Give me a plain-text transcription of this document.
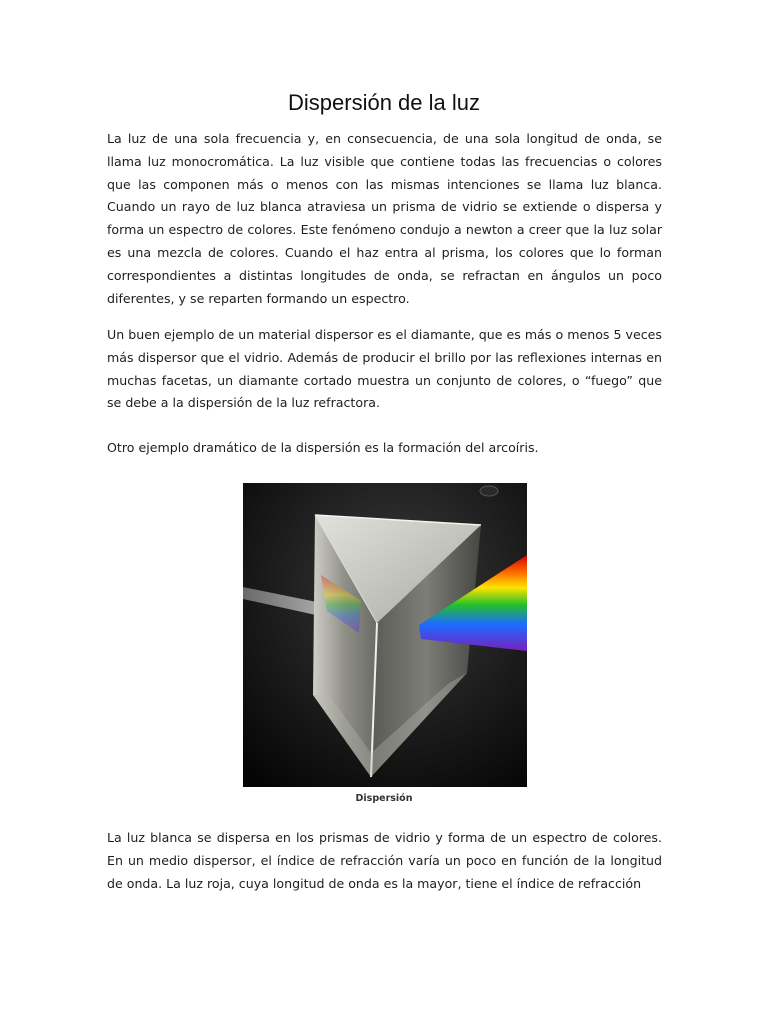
Dispersión de la luz

La luz de una sola frecuencia y, en consecuencia, de una sola longitud de onda, se llama luz monocromática. La luz visible que contiene todas las frecuencias o colores que las componen más o menos con las mismas intenciones se llama luz blanca. Cuando un rayo de luz blanca atraviesa un prisma de vidrio se extiende o dispersa y forma un espectro de colores. Este fenómeno condujo a newton a creer que la luz solar es una mezcla de colores. Cuando el haz entra al prisma, los colores que lo forman correspondientes a distintas longitudes de onda, se refractan en ángulos un poco diferentes, y se reparten formando un espectro.

Un buen ejemplo de un material dispersor es el diamante, que es más o menos 5 veces más dispersor que el vidrio. Además de producir el brillo por las reflexiones internas en muchas facetas, un diamante cortado muestra un conjunto de colores, o “fuego” que se debe a la dispersión de la luz refractora.

Otro ejemplo dramático de la dispersión es la formación del arcoíris.

Dispersión

La luz blanca se dispersa en los prismas de vidrio y forma de un espectro de colores. En un medio dispersor, el índice de refracción varía un poco en función de la longitud de onda. La luz roja, cuya longitud de onda es la mayor, tiene el índice de refracción
